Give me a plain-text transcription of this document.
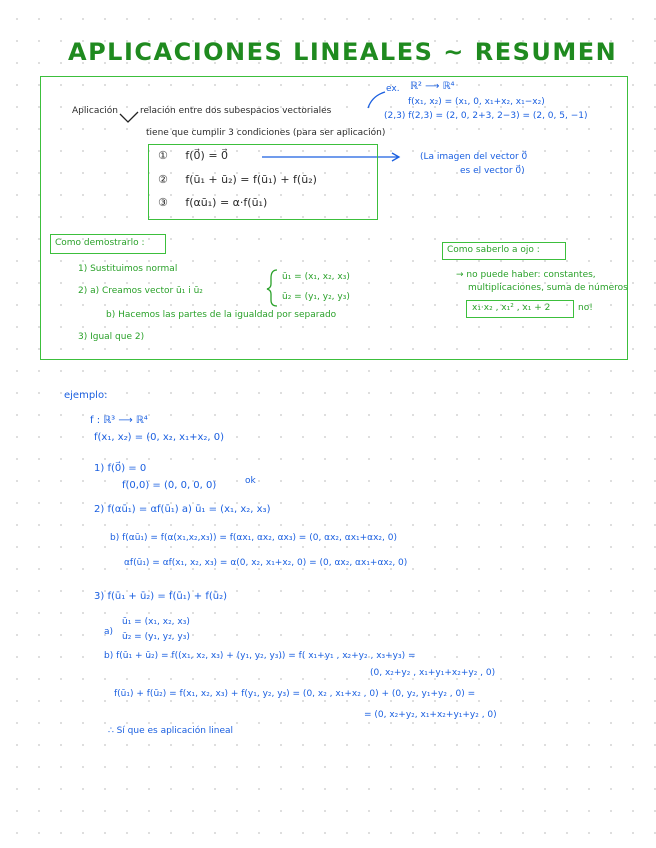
APLICACIONES LINEALES ~ RESUMEN
Aplicación relación entre dos subespacios vectoriales
tiene que cumplir 3 condiciones (para ser aplicación)
ex. ℝ² ⟶ ℝ⁴
f(x₁, x₂) = (x₁, 0, x₁+x₂, x₁−x₂)
(2,3) f(2,3) = (2, 0, 2+3, 2−3) = (2, 0, 5, −1)
① f(0⃗) = 0⃗
② f(ū₁ + ū₂) = f(ū₁) + f(ū₂)
③ f(αū₁) = α·f(ū₁)
(La imagen del vector 0⃗
es el vector 0⃗)
Como demostrarlo :
1) Sustituimos normal
2) a) Creamos vector ū₁ i ū₂
ū₁ = (x₁, x₂, x₃)
ū₂ = (y₁, y₂, y₃)
b) Hacemos las partes de la igualdad por separado
3) Igual que 2)
Como saberlo a ojo :
→ no puede haber: constantes,
multiplicaciones, suma de números
x₁·x₂ , x₁² , x₁ + 2	no!
ejemplo:
f : ℝ³ ⟶ ℝ⁴
f(x₁, x₂) = (0, x₂, x₁+x₂, 0)
1) f(0⃗) = 0
f(0,0) = (0, 0, 0, 0)	ok
2) f(αū₁) = αf(ū₁) a) ū₁ = (x₁, x₂, x₃)
b) f(αū₁) = f(α(x₁,x₂,x₃)) = f(αx₁, αx₂, αx₃) = (0, αx₂, αx₁+αx₂, 0)
αf(ū₁) = αf(x₁, x₂, x₃) = α(0, x₂, x₁+x₂, 0) = (0, αx₂, αx₁+αx₂, 0)
3) f(ū₁ + ū₂) = f(ū₁) + f(ū₂)
ū₁ = (x₁, x₂, x₃)
a) ū₂ = (y₁, y₂, y₃)
b) f(ū₁ + ū₂) = f((x₁, x₂, x₃) + (y₁, y₂, y₃)) = f( x₁+y₁ , x₂+y₂ , x₃+y₃) =
(0, x₂+y₂ , x₁+y₁+x₂+y₂ , 0)
f(ū₁) + f(ū₂) = f(x₁, x₂, x₃) + f(y₁, y₂, y₃) = (0, x₂ , x₁+x₂ , 0) + (0, y₂, y₁+y₂ , 0) =
= (0, x₂+y₂, x₁+x₂+y₁+y₂ , 0)
∴ Sí que es aplicación lineal
